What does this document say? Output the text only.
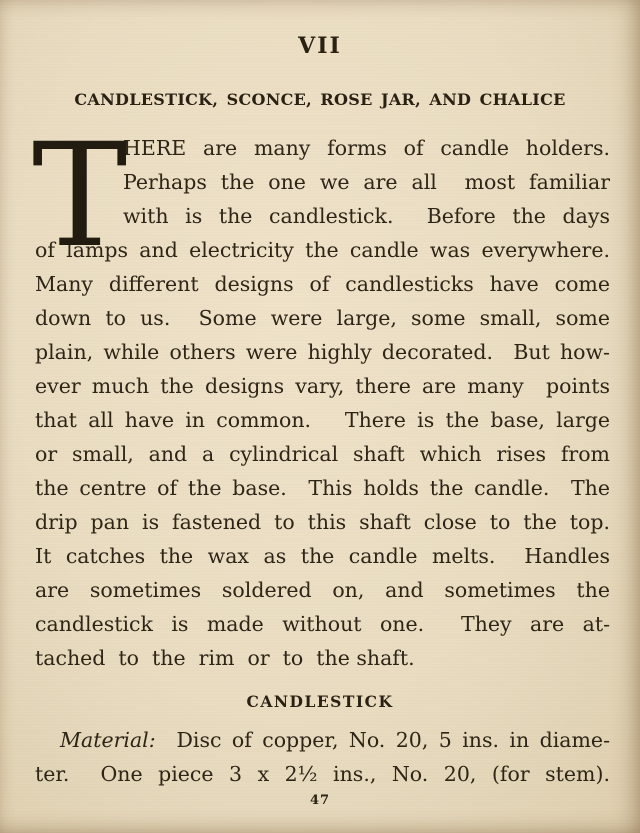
VII
CANDLESTICK, SCONCE, ROSE JAR, AND CHALICE
T
HERE are many forms of candle holders.
Perhaps the one we are all  most familiar
with is the candlestick.  Before the days
of lamps and electricity the candle was everywhere.
Many different designs of candlesticks have come
down to us.  Some were large, some small, some
plain, while others were highly decorated.  But how-
ever much the designs vary, there are many  points
that all have in common.   There is the base, large
or small, and a cylindrical shaft which rises from
the centre of the base.  This holds the candle.  The
drip pan is fastened to this shaft close to the top.
It catches the wax as the candle melts.  Handles
are sometimes soldered on, and sometimes the
candlestick is made without one.  They are at-
tached  to  the  rim  or  to  the shaft.
CANDLESTICK
Material:  Disc of copper, No. 20, 5 ins. in diame-
ter.  One piece 3 x 2½ ins., No. 20, (for stem).
47
